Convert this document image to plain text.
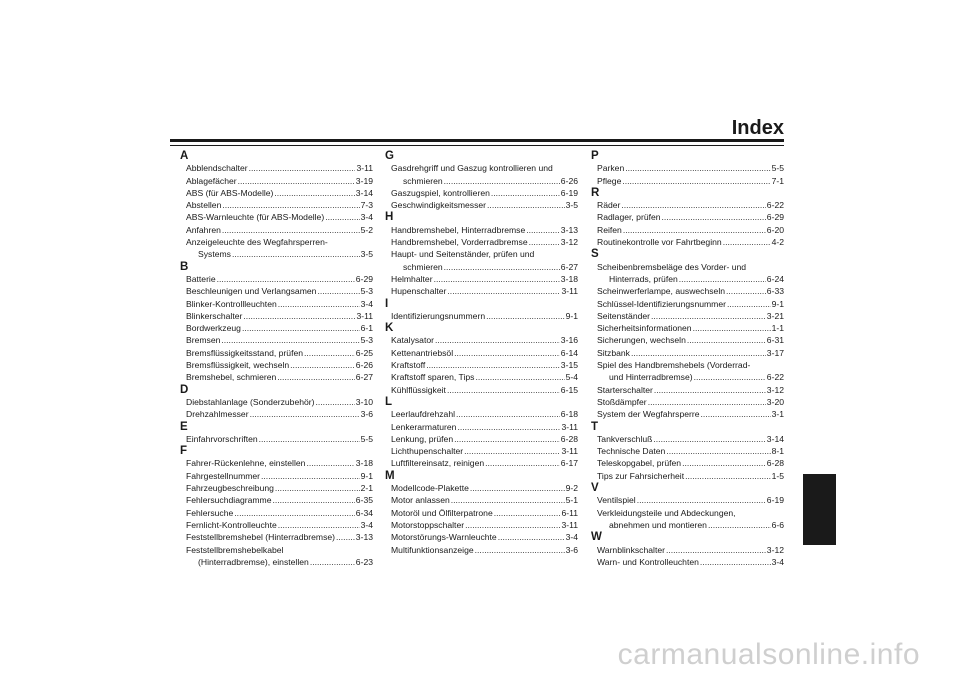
Index
A
Abblendschalter .....	3-11
Ablagefächer .....	3-19
ABS (für ABS-Modelle) .....	3-14
Abstellen .....	7-3
ABS-Warnleuchte (für ABS-Modelle) .....	3-4
Anfahren .....	5-2
Anzeigeleuchte des Wegfahrsperren-
Systems .....	3-5
B
Batterie .....	6-29
Beschleunigen und Verlangsamen .....	5-3
Blinker-Kontrollleuchten .....	3-4
Blinkerschalter .....	3-11
Bordwerkzeug .....	6-1
Bremsen .....	5-3
Bremsflüssigkeitsstand, prüfen .....	6-25
Bremsflüssigkeit, wechseln .....	6-26
Bremshebel, schmieren .....	6-27
D
Diebstahlanlage (Sonderzubehör) .....	3-10
Drehzahlmesser .....	3-6
E
Einfahrvorschriften .....	5-5
F
Fahrer-Rückenlehne, einstellen .....	3-18
Fahrgestellnummer .....	9-1
Fahrzeugbeschreibung .....	2-1
Fehlersuchdiagramme .....	6-35
Fehlersuche .....	6-34
Fernlicht-Kontrolleuchte .....	3-4
Feststellbremshebel (Hinterradbremse) ..... 3-13
Feststellbremshebelkabel
(Hinterradbremse), einstellen .....	6-23
G
Gasdrehgriff und Gaszug kontrollieren und
schmieren .....	6-26
Gaszugspiel, kontrollieren .....	6-19
Geschwindigkeitsmesser .....	3-5
H
Handbremshebel, Hinterradbremse .....	3-13
Handbremshebel, Vorderradbremse .....	3-12
Haupt- und Seitenständer, prüfen und
schmieren .....	6-27
Helmhalter .....	3-18
Hupenschalter .....	3-11
I
Identifizierungsnummern .....	9-1
K
Katalysator .....	3-16
Kettenantriebsöl .....	6-14
Kraftstoff .....	3-15
Kraftstoff sparen, Tips .....	5-4
Kühlflüssigkeit .....	6-15
L
Leerlaufdrehzahl .....	6-18
Lenkerarmaturen .....	3-11
Lenkung, prüfen .....	6-28
Lichthupenschalter .....	3-11
Luftfiltereinsatz, reinigen .....	6-17
M
Modellcode-Plakette .....	9-2
Motor anlassen .....	5-1
Motoröl und Ölfilterpatrone .....	6-11
Motorstoppschalter .....	3-11
Motorstörungs-Warnleuchte .....	3-4
Multifunktionsanzeige .....	3-6
P
Parken .....	5-5
Pflege .....	7-1
R
Räder .....	6-22
Radlager, prüfen .....	6-29
Reifen .....	6-20
Routinekontrolle vor Fahrtbeginn .....	4-2
S
Scheibenbremsbeläge des Vorder- und
Hinterrads, prüfen .....	6-24
Scheinwerferlampe, auswechseln .....	6-33
Schlüssel-Identifizierungsnummer .....	9-1
Seitenständer .....	3-21
Sicherheitsinformationen .....	1-1
Sicherungen, wechseln .....	6-31
Sitzbank .....	3-17
Spiel des Handbremshebels (Vorderrad-
und Hinterradbremse) .....	6-22
Starterschalter .....	3-12
Stoßdämpfer .....	3-20
System der Wegfahrsperre .....	3-1
T
Tankverschluß .....	3-14
Technische Daten .....	8-1
Teleskopgabel, prüfen .....	6-28
Tips zur Fahrsicherheit .....	1-5
V
Ventilspiel .....	6-19
Verkleidungsteile und Abdeckungen,
abnehmen und montieren .....	6-6
W
Warnblinkschalter .....	3-12
Warn- und Kontrolleuchten .....	3-4
carmanualsonline.info
